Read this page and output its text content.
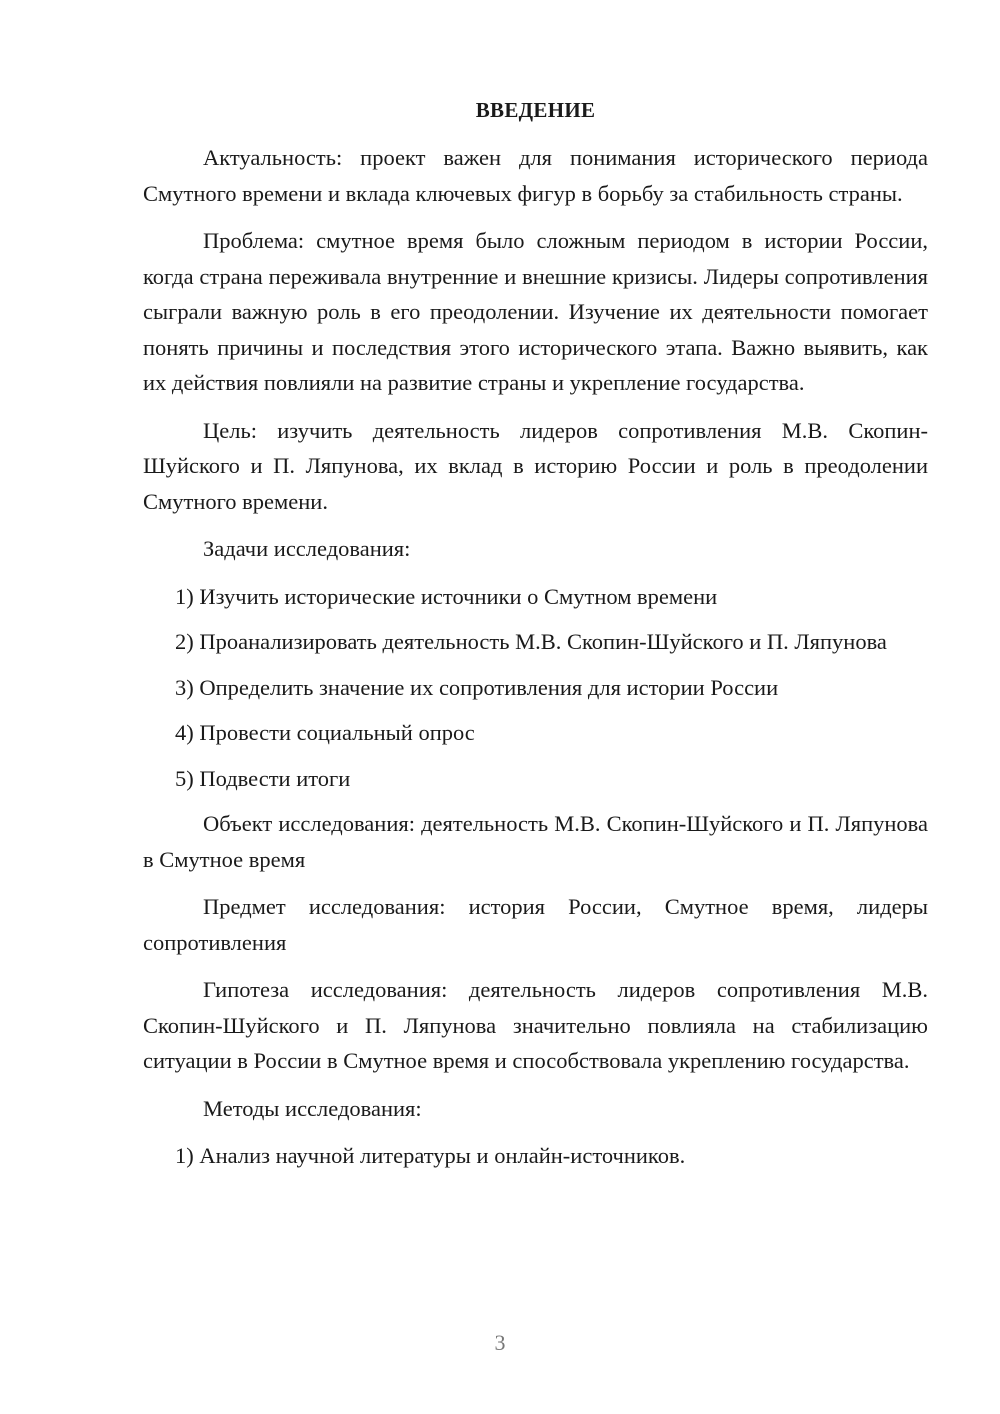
ВВЕДЕНИЕ

Актуальность: проект важен для понимания исторического периода Смутного времени и вклада ключевых фигур в борьбу за стабильность страны.

Проблема: смутное время было сложным периодом в истории России, когда страна переживала внутренние и внешние кризисы. Лидеры сопротивления сыграли важную роль в его преодолении. Изучение их деятельности помогает понять причины и последствия этого исторического этапа. Важно выявить, как их действия повлияли на развитие страны и укрепление государства.

Цель: изучить деятельность лидеров сопротивления М.В. Скопин-Шуйского и П. Ляпунова, их вклад в историю России и роль в преодолении Смутного времени.

Задачи исследования:

1) Изучить исторические источники о Смутном времени

2) Проанализировать деятельность М.В. Скопин-Шуйского и П. Ляпунова

3) Определить значение их сопротивления для истории России

4) Провести социальный опрос

5) Подвести итоги

Объект исследования: деятельность М.В. Скопин-Шуйского и П. Ляпунова в Смутное время

Предмет исследования: история России, Смутное время, лидеры сопротивления

Гипотеза исследования: деятельность лидеров сопротивления М.В. Скопин-Шуйского и П. Ляпунова значительно повлияла на стабилизацию ситуации в России в Смутное время и способствовала укреплению государства.

Методы исследования:

1) Анализ научной литературы и онлайн-источников.

3
